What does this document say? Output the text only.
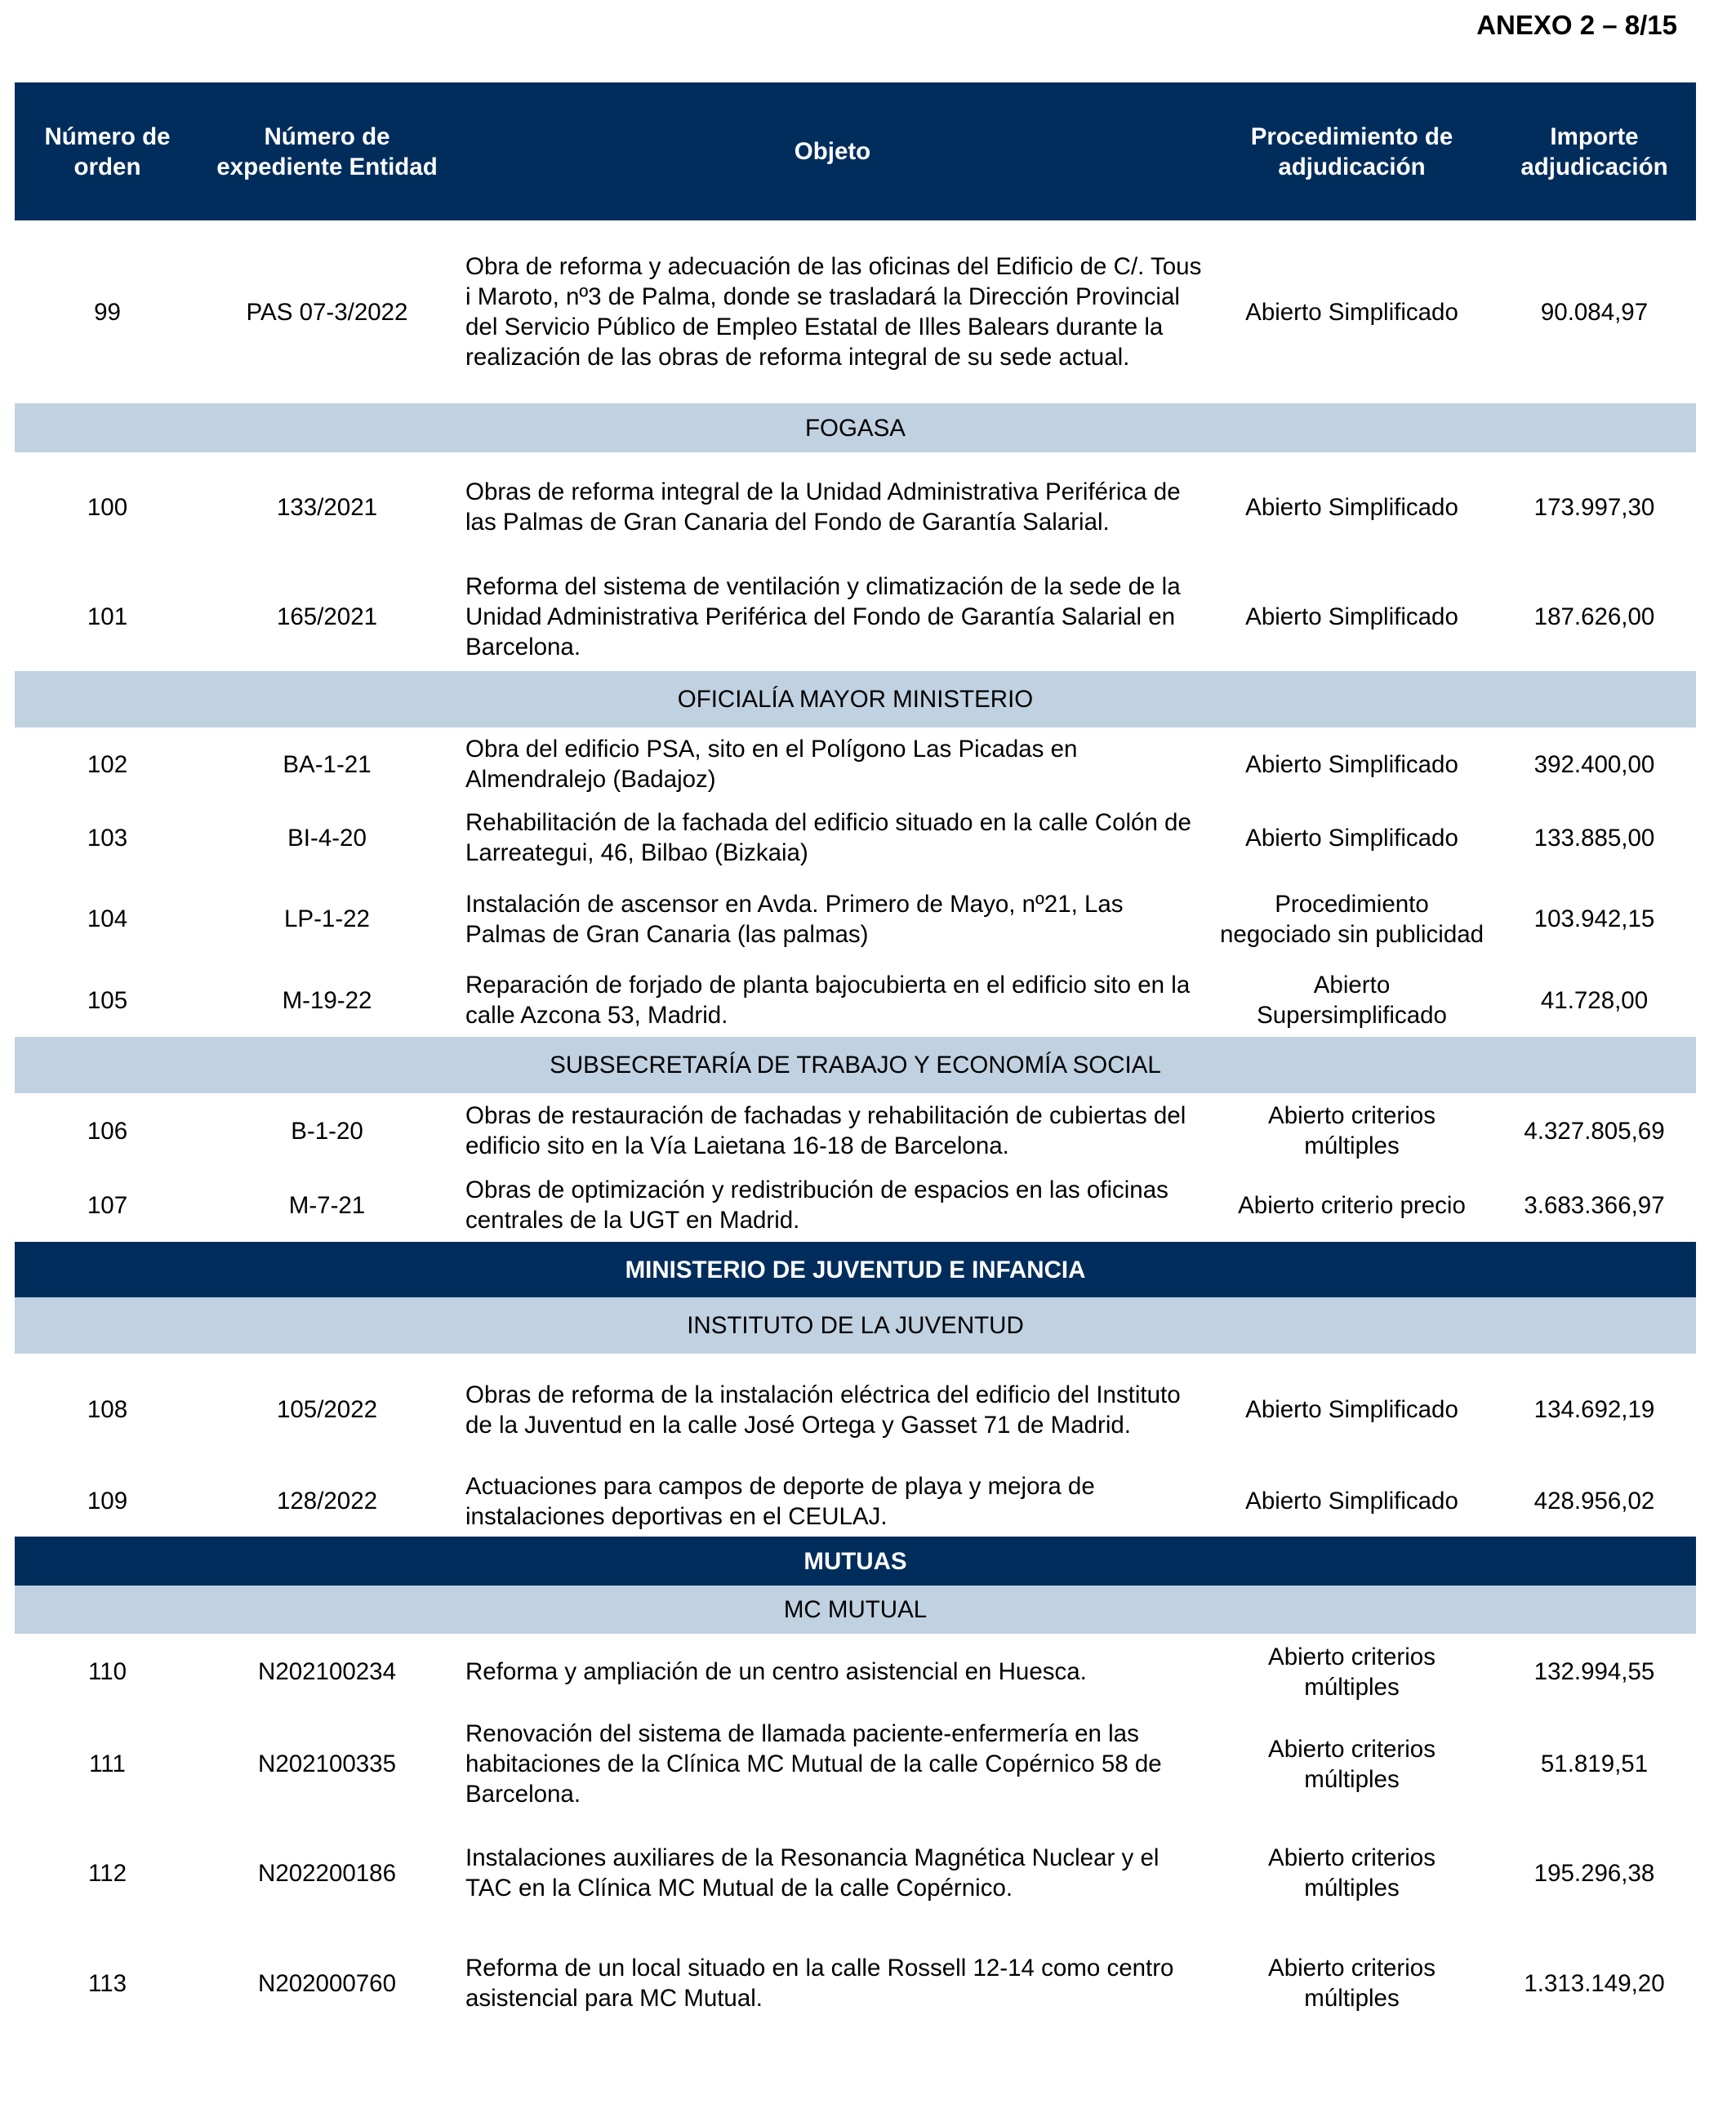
ANEXO 2 – 8/15
Número de orden	Número de expediente Entidad	Objeto	Procedimiento de adjudicación	Importe adjudicación
99	PAS 07-3/2022	Obra de reforma y adecuación de las oficinas del Edificio de C/. Tous i Maroto, nº3 de Palma, donde se trasladará la Dirección Provincial del Servicio Público de Empleo Estatal de Illes Balears durante la realización de las obras de reforma integral de su sede actual.	Abierto Simplificado	90.084,97
FOGASA				
100	133/2021	Obras de reforma integral de la Unidad Administrativa Periférica de las Palmas de Gran Canaria del Fondo de Garantía Salarial.	Abierto Simplificado	173.997,30
101	165/2021	Reforma del sistema de ventilación y climatización de la sede de la Unidad Administrativa Periférica del Fondo de Garantía Salarial en Barcelona.	Abierto Simplificado	187.626,00
OFICIALÍA MAYOR MINISTERIO				
102	BA-1-21	Obra del edificio PSA, sito en el Polígono Las Picadas en Almendralejo (Badajoz)	Abierto Simplificado	392.400,00
103	BI-4-20	Rehabilitación de la fachada del edificio situado en la calle Colón de Larreategui, 46, Bilbao (Bizkaia)	Abierto Simplificado	133.885,00
104	LP-1-22	Instalación de ascensor en Avda. Primero de Mayo, nº21, Las Palmas de Gran Canaria (las palmas)	Procedimiento negociado sin publicidad	103.942,15
105	M-19-22	Reparación de forjado de planta bajocubierta en el edificio sito en la calle Azcona 53, Madrid.	Abierto Supersimplificado	41.728,00
SUBSECRETARÍA DE TRABAJO Y ECONOMÍA SOCIAL				
106	B-1-20	Obras de restauración de fachadas y rehabilitación de cubiertas del edificio sito en la Vía Laietana 16-18 de Barcelona.	Abierto criterios múltiples	4.327.805,69
107	M-7-21	Obras de optimización y redistribución de espacios en las oficinas centrales de la UGT en Madrid.	Abierto criterio precio	3.683.366,97
MINISTERIO DE JUVENTUD E INFANCIA				
INSTITUTO DE LA JUVENTUD				
108	105/2022	Obras de reforma de la instalación eléctrica del edificio del Instituto de la Juventud en la calle José Ortega y Gasset 71 de Madrid.	Abierto Simplificado	134.692,19
109	128/2022	Actuaciones para campos de deporte de playa y mejora de instalaciones deportivas en el CEULAJ.	Abierto Simplificado	428.956,02
MUTUAS				
MC MUTUAL				
110	N202100234	Reforma y ampliación de un centro asistencial en Huesca.	Abierto criterios múltiples	132.994,55
111	N202100335	Renovación del sistema de llamada paciente-enfermería en las habitaciones de la Clínica MC Mutual de la calle Copérnico 58 de Barcelona.	Abierto criterios múltiples	51.819,51
112	N202200186	Instalaciones auxiliares de la Resonancia Magnética Nuclear y el TAC en la Clínica MC Mutual de la calle Copérnico.	Abierto criterios múltiples	195.296,38
113	N202000760	Reforma de un local situado en la calle Rossell 12-14 como centro asistencial para MC Mutual.	Abierto criterios múltiples	1.313.149,20
